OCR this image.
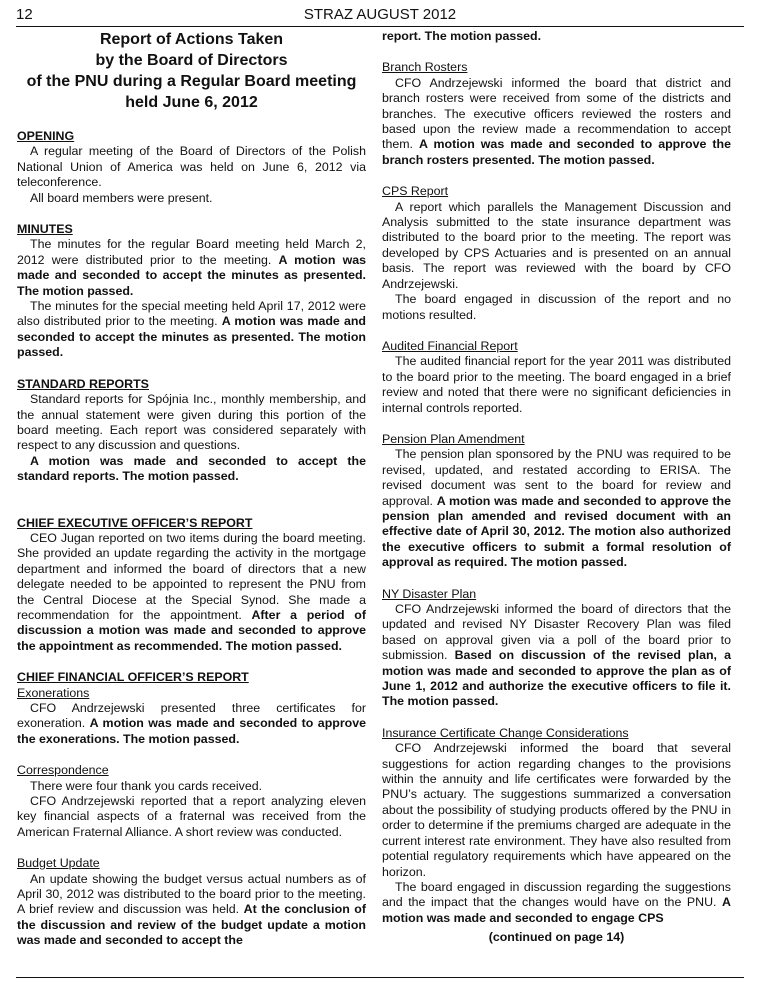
12	STRAZ AUGUST 2012

Report of Actions Taken

by the Board of Directors

of the PNU during a Regular Board meeting

held June 6, 2012

OPENING

A regular meeting of the Board of Directors of the Polish National Union of America was held on June 6, 2012 via teleconference.

All board members were present.

MINUTES

The minutes for the regular Board meeting held March 2, 2012 were distributed prior to the meeting. A motion was made and seconded to accept the minutes as presented. The motion passed.

The minutes for the special meeting held April 17, 2012 were also distributed prior to the meeting. A motion was made and seconded to accept the minutes as presented. The motion passed.

STANDARD REPORTS

Standard reports for Spójnia Inc., monthly membership, and the annual statement were given during this portion of the board meeting. Each report was considered separately with respect to any discussion and questions.

A motion was made and seconded to accept the standard reports. The motion passed.

CHIEF EXECUTIVE OFFICER’S REPORT

CEO Jugan reported on two items during the board meeting. She provided an update regarding the activity in the mortgage department and informed the board of directors that a new delegate needed to be appointed to represent the PNU from the Central Diocese at the Special Synod. She made a recommendation for the appointment. After a period of discussion a motion was made and seconded to approve the appointment as recommended. The motion passed.

CHIEF FINANCIAL OFFICER’S REPORT

Exonerations

CFO Andrzejewski presented three certificates for exoneration. A motion was made and seconded to approve the exonerations. The motion passed.

Correspondence

There were four thank you cards received.

CFO Andrzejewski reported that a report analyzing eleven key financial aspects of a fraternal was received from the American Fraternal Alliance. A short review was conducted.

Budget Update

An update showing the budget versus actual numbers as of April 30, 2012 was distributed to the board prior to the meeting. A brief review and discussion was held. At the conclusion of the discussion and review of the budget update a motion was made and seconded to accept the

report. The motion passed.

Branch Rosters

CFO Andrzejewski informed the board that district and branch rosters were received from some of the districts and branches. The executive officers reviewed the rosters and based upon the review made a recommendation to accept them. A motion was made and seconded to approve the branch rosters presented. The motion passed.

CPS Report

A report which parallels the Management Discussion and Analysis submitted to the state insurance department was distributed to the board prior to the meeting. The report was developed by CPS Actuaries and is presented on an annual basis. The report was reviewed with the board by CFO Andrzejewski.

The board engaged in discussion of the report and no motions resulted.

Audited Financial Report

The audited financial report for the year 2011 was distributed to the board prior to the meeting. The board engaged in a brief review and noted that there were no significant deficiencies in internal controls reported.

Pension Plan Amendment

The pension plan sponsored by the PNU was required to be revised, updated, and restated according to ERISA. The revised document was sent to the board for review and approval. A motion was made and seconded to approve the pension plan amended and revised document with an effective date of April 30, 2012. The motion also authorized the executive officers to submit a formal resolution of approval as required. The motion passed.

NY Disaster Plan

CFO Andrzejewski informed the board of directors that the updated and revised NY Disaster Recovery Plan was filed based on approval given via a poll of the board prior to submission. Based on discussion of the revised plan, a motion was made and seconded to approve the plan as of June 1, 2012 and authorize the executive officers to file it. The motion passed.

Insurance Certificate Change Considerations

CFO Andrzejewski informed the board that several suggestions for action regarding changes to the provisions within the annuity and life certificates were forwarded by the PNU’s actuary. The suggestions summarized a conversation about the possibility of studying products offered by the PNU in order to determine if the premiums charged are adequate in the current interest rate environment. They have also resulted from potential regulatory requirements which have appeared on the horizon.

The board engaged in discussion regarding the suggestions and the impact that the changes would have on the PNU. A motion was made and seconded to engage CPS

(continued on page 14)
